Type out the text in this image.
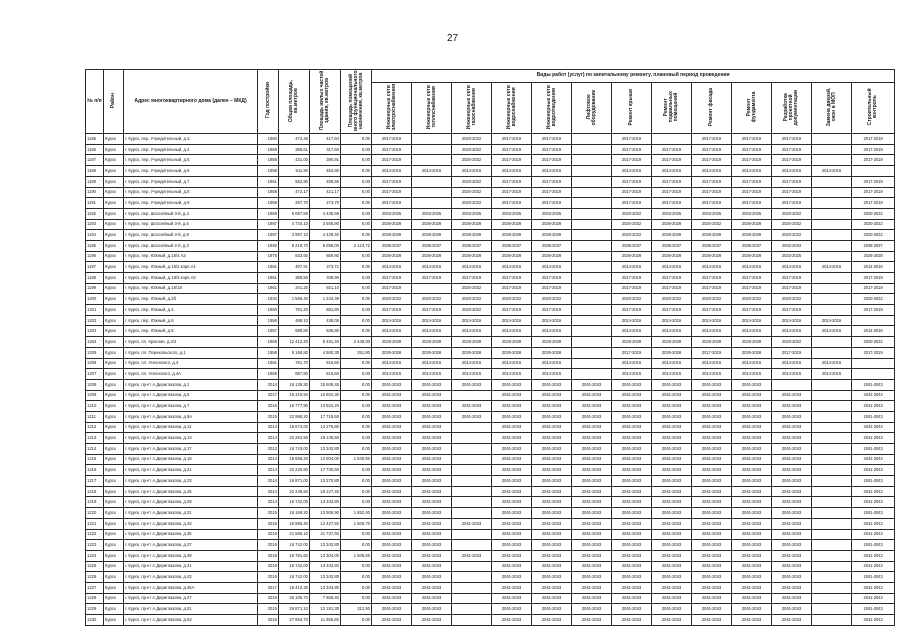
27
№ п/п	Район	Адрес многоквартирного дома (далее – МКД)	Год постройки	Общая площадь, кв.метров	Площадь жилых частей здания, кв.метров	Площадь помещений иного функционального назначения, кв.метров	Виды работ (услуг) по капитальному ремонту, плановый период проведения												
							Инженерные сети электроснабжения	Инженерные сети теплоснабжения	Инженерные сети газоснабжения	Инженерные сети водоснабжения	Инженерные сети водоотведения	Лифтовое оборудование	Ремонт крыши	Ремонт подвальных помещений	Ремонт фасада	Ремонт фундамента	Разработка проектной документации	Замена дверей, окон в МОП	Строительный контроль
1185	Курск	г. Курск, пер. Учредительный, д.3	1960	472,46	417,84	0,00	2017-2019		2020-2022	2017-2019	2017-2019		2017-2019		2017-2019	2017-2019	2017-2019		2017-2019
1186	Курск	г. Курск, пер. Учредительный, д.4	1959	365,61	317,60	0,00	2017-2019		2020-2022	2017-2019	2017-2019		2017-2019	2017-2019	2017-2019	2017-2019	2017-2019		2017-2019
1187	Курск	г. Курск, пер. Учредительный, д.5	1958	431,00	390,91	0,00	2017-2019		2020-2022	2017-2019	2017-2019		2017-2019	2017-2019	2017-2019	2017-2019	2017-2019		2017-2019
1188	Курск	г. Курск, пер. Учредительный, д.6	1958	511,90	454,80	0,00	2014-2016	2014-2016	2014-2016	2014-2016	2014-2016		2014-2016	2014-2016	2014-2016	2014-2016	2014-2016	2014-2016	
1189	Курск	г. Курск, пер. Учредительный, д.7	1961	552,90	498,55	0,00	2017-2019		2020-2022	2017-2019	2017-2019		2017-2019	2017-2019	2017-2019	2017-2019	2017-2019		2017-2019
1190	Курск	г. Курск, пер. Учредительный, д.8	1958	472,17	421,17	0,00	2017-2019		2020-2022	2017-2019	2017-2019		2017-2019	2017-2019	2017-2019	2017-2019	2017-2019		2017-2019
1191	Курск	г. Курск, пер. Учредительный, д.9	1959	257,70	273,70	0,00	2017-2019		2020-2022	2017-2019	2017-2019		2017-2019	2017-2019	2017-2019	2017-2019	2017-2019		2017-2019
1192	Курск	г. Курск, пер. Шоссейный 3-й, д.4	1959	5 067,59	4 435,59	0,00	2023-2025	2023-2025	2023-2025	2023-2025	2023-2025		2020-2022	2023-2025	2023-2025	2023-2025	2020-2022		2020-2022
1193	Курск	г. Курск, пер. Шоссейный 3-й, д.6	1987	4 734,10	3 556,90	0,00	2026-2028	2026-2028	2026-2028	2026-2028	2026-2028		2020-2022	2026-2028	2020-2022	2026-2028	2020-2022		2020-2022
1194	Курск	г. Курск, пер. Шоссейный 3-й, д.8	1987	3 987,10	4 429,40	0,00	2026-2028	2026-2028	2026-2028	2026-2028	2026-2028		2020-2022	2026-2028	2026-2028	2026-2028	2020-2022		2020-2022
1195	Курск	г. Курск, пер. Шоссейный 2-й, д.3	1992	8 219,70	6 096,00	2 123,72	2035-2037	2035-2037	2035-2037	2035-2037	2035-2037		2035-2037	2035-2037	2035-2037	2035-2037	2032-2034		2035-2037
1196	Курск	г. Курск, пер. Южный, д.18/4 А3	1975	833,60	659,80	0,00	2026-2028	2026-2028	2026-2028	2026-2028	2026-2028		2026-2028	2026-2028	2026-2028	2026-2028	2023-2025		2026-2028
1197	Курск	г. Курск, пер. Южный, д.18/2 корп.А1	1961	407,91	373,71	0,00	2014-2016	2014-2016	2014-2016	2014-2016	2014-2016		2014-2016	2014-2016	2014-2016	2014-2016	2014-2016	2014-2016	2014-2016
1198	Курск	г. Курск, пер. Южный, д.18/3 корп.А2	1961	368,50	339,90	0,00	2017-2019	2017-2019	2017-2019	2017-2019	2017-2019		2017-2019	2017-2019	2017-2019	2017-2019	2017-2019		2017-2019
1199	Курск	г. Курск, пер. Южный, д.18/18	1961	341,20	921,10	0,00	2017-2019		2020-2022	2017-2019	2017-2019		2017-2019	2017-2019	2017-2019	2017-2019	2017-2019		2017-2019
1200	Курск	г. Курск, пер. Южный, д.2б	1934	1 566,40	1 244,39	0,00	2020-2022	2020-2022	2020-2022	2020-2022	2020-2022		2020-2022	2020-2022	2020-2022	2020-2022	2020-2022		2020-2022
1201	Курск	г. Курск, пер. Южный, д.4	1960	761,20	681,80	0,00	2017-2019	2017-2019	2020-2022	2017-2019	2017-2019		2017-2019	2017-2019	2017-2019	2017-2019	2017-2019		2017-2019
1202	Курск	г. Курск, пер. Южный, д.6	1956	488,10	438,05	0,00	2014-2016	2014-2016	2014-2016	2014-2016	2014-2016		2014-2016	2014-2016	2014-2016	2014-2016	2014-2016	2014-2016	
1203	Курск	г. Курск, пер. Южный, д.8	1957	588,80	538,80	0,00	2014-2016	2014-2016	2014-2016	2014-2016	2014-2016		2014-2016	2014-2016	2014-2016	2014-2016	2014-2016	2014-2016	2014-2016
1204	Курск	г. Курск, пл. Красная, д.2/4	1966	12 412,20	8 491,40	2 448,00	2026-2028	2026-2028	2026-2028	2026-2028	2026-2028		2026-2028	2026-2028	2026-2028	2026-2028	2020-2022		2020-2022
1205	Курск	г. Курск, пл. Перекальского, д.1	1958	5 168,80	4 580,30	251,80	2026-2028	2026-2028	2026-2028	2026-2028	2026-2028		2017-2019	2026-2028	2017-2019	2026-2028	2017-2019		2017-2019
1206	Курск	г. Курск, пл. Успенского, д.4	1961	781,70	516,60	0,00	2014-2016	2014-2016	2014-2016	2014-2016	2014-2016		2014-2016	2014-2016	2014-2016	2014-2016	2014-2016	2014-2016	
1207	Курск	г. Курск, пл. Успенского, д.4А	1955	867,60	516,60	0,00	2014-2016	2014-2016	2014-2016	2014-2016	2014-2016		2014-2016	2014-2016	2014-2016	2014-2016	2014-2016	2014-2016	
1208	Курск	г. Курск, пр-кт А.Дериглазова, д.1	2014	18 139,30	15 608,45	0,00	2041-2043	2041-2043	2041-2043	2041-2043	2041-2043	2041-2043	2041-2043	2041-2043	2041-2043	2041-2043			2041-2043
1209	Курск	г. Курск, пр-кт А.Дериглазова, д.5	2017	18 319,50	15 602,30	0,00	2041-2043	2041-2043		2041-2043	2041-2043	2041-2043	2041-2043	2041-2043	2041-2043	2041-2043	2041-2043		2041-2043
1210	Курск	г. Курск, пр-кт А.Дериглазова, д.7	2016	16 777,90	13 922,20	0,00	2041-2043	2041-2043	2041-2043	2041-2043	2041-2043	2041-2043	2041-2043	2041-2043	2041-2043	2041-2043	2041-2043		2041-2043
1211	Курск	г. Курск, пр-кт А.Дериглазова, д.9А	2015	22 988,20	17 718,60	0,00	2041-2043	2041-2043	2041-2043	2041-2043	2041-2043	2041-2043	2041-2043	2041-2043	2041-2043	2041-2043	2041-2043		2041-2043
1212	Курск	г. Курск, пр-кт А.Дериглазова, д.11	2014	16 673,00	13 275,80	0,00	2041-2043	2041-2043		2041-2043	2041-2043	2041-2043	2041-2043	2041-2043	2041-2043	2041-2043	2041-2043		2041-2043
1213	Курск	г. Курск, пр-кт А.Дериглазова, д.13	2014	22 261,50	18 146,50	0,00	2041-2043	2041-2043		2041-2043	2041-2043	2041-2043	2041-2043	2041-2043	2041-2043	2041-2043	2041-2043		2041-2043
1214	Курск	г. Курск, пр-кт А.Дериглазова, д.17	2013	16 743,00	13 343,80	0,00	2041-2043	2041-2043		2041-2043	2041-2043	2041-2043	2041-2043	2041-2043	2041-2043	2041-2043	2041-2043		2041-2043
1215	Курск	г. Курск, пр-кт А.Дериглазова, д.19	2014	15 555,20	12 504,00	1 540,50	2041-2043	2041-2043		2041-2043	2041-2043	2041-2043	2041-2043	2041-2043	2041-2043	2041-2043	2041-2043		2041-2043
1216	Курск	г. Курск, пр-кт А.Дериглазова, д.21	2014	22 220,60	17 730,60	0,00	2041-2043	2041-2043		2041-2043	2041-2043	2041-2043	2041-2043	2041-2043	2041-2043	2041-2043	2041-2043		2041-2043
1217	Курск	г. Курск, пр-кт А.Дериглазова, д.23	2014	16 971,00	13 270,80	0,00	2041-2043	2041-2043		2041-2043	2041-2043	2041-2043	2041-2043	2041-2043	2041-2043	2041-2043	2041-2043		2041-2043
1218	Курск	г. Курск, пр-кт А.Дериглазова, д.25	2014	22 249,50	18 127,40	0,00	2041-2043	2041-2043		2041-2043	2041-2043	2041-2043	2041-2043	2041-2043	2041-2043	2041-2043	2041-2043		2041-2043
1219	Курск	г. Курск, пр-кт А.Дериглазова, д.29	2014	16 742,00	13 343,80	0,00	2041-2043	2041-2043		2041-2043	2041-2043	2041-2043	2041-2043	2041-2043	2041-2043	2041-2043	2041-2043		2041-2043
1220	Курск	г. Курск, пр-кт А.Дериглазова, д.31	2015	18 169,20	13 905,90	1 852,40	2041-2043	2041-2043		2041-2043	2041-2043	2041-2043	2041-2043	2041-2043	2041-2043	2041-2043	2041-2043		2041-2043
1221	Курск	г. Курск, пр-кт А.Дериглазова, д.33	2016	16 986,40	12 427,50	1 506,70	2041-2043	2041-2043	2041-2043	2041-2043	2041-2043	2041-2043	2041-2043	2041-2043	2041-2043	2041-2043	2041-2043		2041-2043
1222	Курск	г. Курск, пр-кт А.Дериглазова, д.35	2016	21 595,10	21 737,60	0,00	2041-2043	2041-2043		2041-2043	2041-2043	2041-2043	2041-2043	2041-2043	2041-2043	2041-2043	2041-2043		2041-2043
1223	Курск	г. Курск, пр-кт А.Дериглазова, д.37	2016	16 742,00	13 343,80	0,00	2041-2043	2041-2043		2041-2043	2041-2043	2041-2043	2041-2043	2041-2043	2041-2043	2041-2043	2041-2043		2041-2043
1224	Курск	г. Курск, пр-кт А.Дериглазова, д.39	2018	19 781,60	13 304,00	1 508,65	2041-2043	2041-2043	2041-2043	2041-2043	2041-2043	2041-2043	2041-2043	2041-2043	2041-2043	2041-2043	2041-2043		2041-2043
1225	Курск	г. Курск, пр-кт А.Дериглазова, д.41	2016	16 742,00	13 343,80	0,00	2041-2043	2041-2043		2041-2043	2041-2043	2041-2043	2041-2043	2041-2043	2041-2043	2041-2043	2041-2043		2041-2043
1226	Курск	г. Курск, пр-кт А.Дериглазова, д.43	2016	16 742,00	13 343,80	0,00	2041-2043	2041-2043		2041-2043	2041-2043	2041-2043	2041-2043	2041-2043	2041-2043	2041-2043	2041-2043		2041-2043
1227	Курск	г. Курск, пр-кт А.Дериглазова, д.45А	2017	18 410,30	13 343,80	0,00	2041-2043	2041-2043		2041-2043	2041-2043	2041-2043	2041-2043	2041-2043	2041-2043	2041-2043	2041-2043		2041-2043
1228	Курск	г. Курск, пр-кт А.Дериглазова, д.47	2015	26 105,70	7 558,40	0,00	2041-2043	2041-2043		2041-2043	2041-2043	2041-2043	2041-2043	2041-2043	2041-2043	2041-2043	2041-2043		2041-2043
1229	Курск	г. Курск, пр-кт А.Дериглазова, д.51	2015	26 871,10	12 181,30	312,50	2041-2043	2041-2043		2041-2043	2041-2043	2041-2043	2041-2043	2041-2043	2041-2043	2041-2043	2041-2043		2041-2043
1230	Курск	г. Курск, пр-кт А.Дериглазова, д.53	2015	27 953,70	11 955,60	0,00	2041-2043	2041-2043		2041-2043	2041-2043	2041-2043	2041-2043	2041-2043	2041-2043	2041-2043	2041-2043		2041-2043
